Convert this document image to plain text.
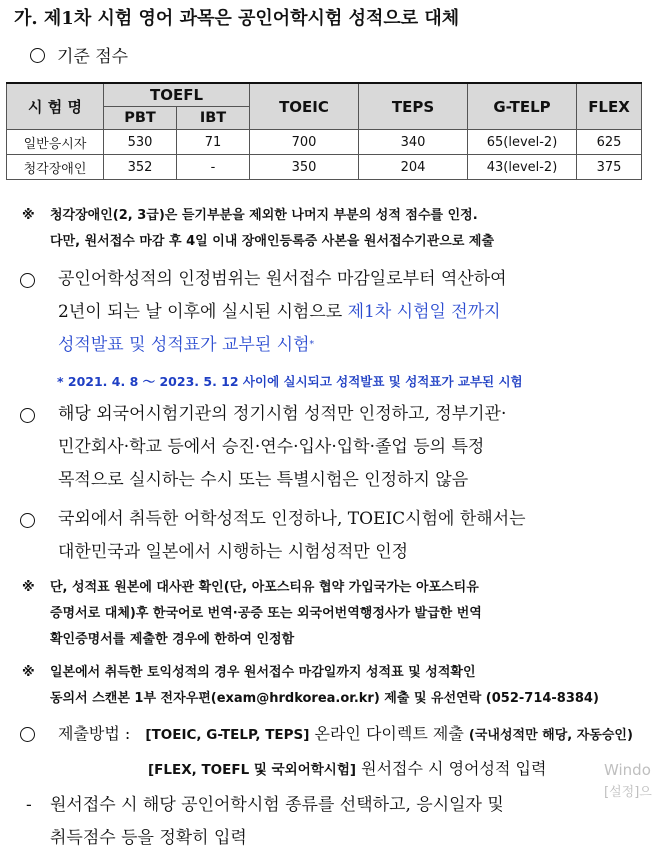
가. 제1차 시험 영어 과목은 공인어학시험 성적으로 대체
기준 점수
시 험 명	TOEFL		TOEIC	TEPS	G-TELP	FLEX
	PBT	IBT				
일반응시자	530	71	700	340	65(level-2)	625
청각장애인	352	-	350	204	43(level-2)	375
※ 청각장애인(2, 3급)은 듣기부분을 제외한 나머지 부분의 성적 점수를 인정.
다만, 원서접수 마감 후 4일 이내 장애인등록증 사본을 원서접수기관으로 제출
공인어학성적의 인정범위는 원서접수 마감일로부터 역산하여
2년이 되는 날 이후에 실시된 시험으로 제1차 시험일 전까지
성적발표 및 성적표가 교부된 시험*
* 2021. 4. 8 ～ 2023. 5. 12 사이에 실시되고 성적발표 및 성적표가 교부된 시험
해당 외국어시험기관의 정기시험 성적만 인정하고, 정부기관·
민간회사·학교 등에서 승진·연수·입사·입학·졸업 등의 특정
목적으로 실시하는 수시 또는 특별시험은 인정하지 않음
국외에서 취득한 어학성적도 인정하나, TOEIC시험에 한해서는
대한민국과 일본에서 시행하는 시험성적만 인정
※ 단, 성적표 원본에 대사관 확인(단, 아포스티유 협약 가입국가는 아포스티유
증명서로 대체)후 한국어로 번역·공증 또는 외국어번역행정사가 발급한 번역
확인증명서를 제출한 경우에 한하여 인정함
※ 일본에서 취득한 토익성적의 경우 원서접수 마감일까지 성적표 및 성적확인
동의서 스캔본 1부 전자우편(exam@hrdkorea.or.kr) 제출 및 유선연락 (052-714-8384)
제출방법 : [TOEIC, G-TELP, TEPS] 온라인 다이렉트 제출 (국내성적만 해당, 자동승인)
[FLEX, TOEFL 및 국외어학시험] 원서접수 시 영어성적 입력
- 원서접수 시 해당 공인어학시험 종류를 선택하고, 응시일자 및
취득점수 등을 정확히 입력
Windo
[설정]으
